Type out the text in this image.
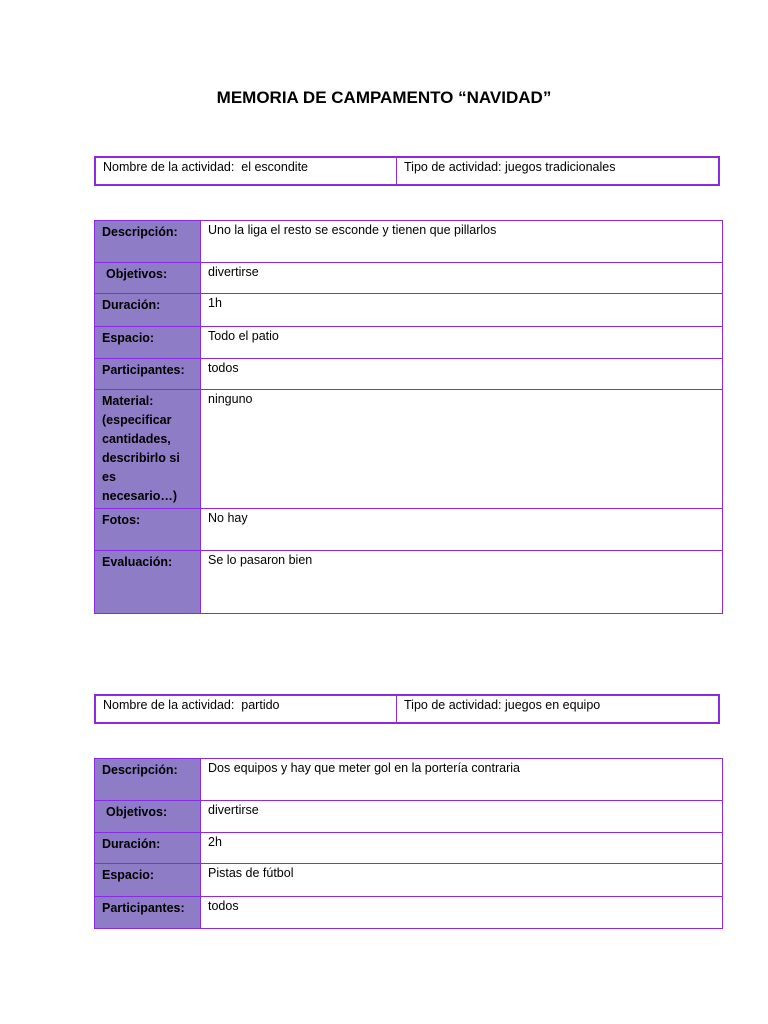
MEMORIA DE CAMPAMENTO “NAVIDAD”
Nombre de la actividad: el escondite	Tipo de actividad: juegos tradicionales
Descripción:	Uno la liga el resto se esconde y tienen que pillarlos
Objetivos:	divertirse
Duración:	1h
Espacio:	Todo el patio
Participantes:	todos
Material: (especificar cantidades, describirlo si es necesario…)	ninguno
Fotos:	No hay
Evaluación:	Se lo pasaron bien
Nombre de la actividad: partido	Tipo de actividad: juegos en equipo
Descripción:	Dos equipos y hay que meter gol en la portería contraria
Objetivos:	divertirse
Duración:	2h
Espacio:	Pistas de fútbol
Participantes:	todos
